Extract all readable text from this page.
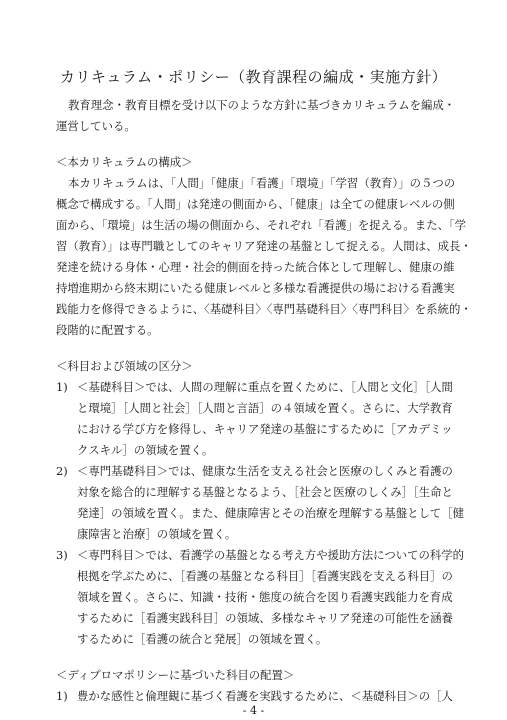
カリキュラム・ポリシー（教育課程の編成・実施方針）
教育理念・教育目標を受け以下のような方針に基づきカリキュラムを編成・
運営している。
＜本カリキュラムの構成＞
本カリキュラムは、「人間」「健康」「看護」「環境」「学習（教育）」の５つの
概念で構成する。「人間」は発達の側面から、「健康」は全ての健康レベルの側
面から、「環境」は生活の場の側面から、それぞれ「看護」を捉える。また、「学
習（教育）」は専門職としてのキャリア発達の基盤として捉える。人間は、成長・
発達を続ける身体・心理・社会的側面を持った統合体として理解し、健康の維
持増進期から終末期にいたる健康レベルと多様な看護提供の場における看護実
践能力を修得できるように、〈基礎科目〉〈専門基礎科目〉〈専門科目〉を系統的・
段階的に配置する。
＜科目および領域の区分＞
1) ＜基礎科目＞では、人間の理解に重点を置くために、［人間と文化］［人間
と環境］［人間と社会］［人間と言語］の４領域を置く。さらに、大学教育
における学び方を修得し、キャリア発達の基盤にするために［アカデミッ
クスキル］の領域を置く。
2) ＜専門基礎科目＞では、健康な生活を支える社会と医療のしくみと看護の
対象を総合的に理解する基盤となるよう、［社会と医療のしくみ］［生命と
発達］の領域を置く。また、健康障害とその治療を理解する基盤として［健
康障害と治療］の領域を置く。
3) ＜専門科目＞では、看護学の基盤となる考え方や援助方法についての科学的
根拠を学ぶために、［看護の基盤となる科目］［看護実践を支える科目］の
領域を置く。さらに、知識・技術・態度の統合を図り看護実践能力を育成
するために［看護実践科目］の領域、多様なキャリア発達の可能性を涵養
するために［看護の統合と発展］の領域を置く。
＜ディプロマポリシーに基づいた科目の配置＞
1) 豊かな感性と倫理観に基づく看護を実践するために、＜基礎科目＞の［人
- 4 -
